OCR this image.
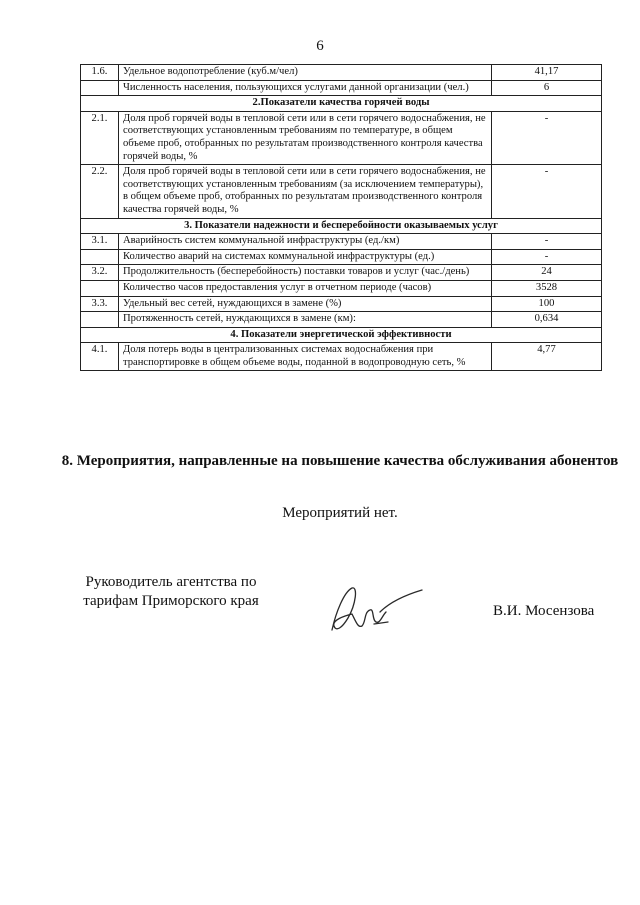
6
1.6.	Удельное водопотребление (куб.м/чел)	41,17
	Численность населения, пользующихся услугами данной организации (чел.)	6
2.Показатели качества горячей воды		
2.1.	Доля проб горячей воды в тепловой сети или в сети горячего водоснабжения, не соответствующих установленным требованиям по температуре, в общем объеме проб, отобранных по результатам производственного контроля качества горячей воды, %	-
2.2.	Доля проб горячей воды в тепловой сети или в сети горячего водоснабжения, не соответствующих установленным требованиям (за исключением температуры), в общем объеме проб, отобранных по результатам производственного контроля качества горячей воды, %	-
3. Показатели надежности и бесперебойности оказываемых услуг		
3.1.	Аварийность систем коммунальной инфраструктуры (ед./км)	-
	Количество аварий на системах коммунальной инфраструктуры (ед.)	-
3.2.	Продолжительность (бесперебойность) поставки товаров и услуг (час./день)	24
	Количество часов предоставления услуг в отчетном периоде (часов)	3528
3.3.	Удельный вес сетей, нуждающихся в замене (%)	100
	Протяженность сетей, нуждающихся в замене (км):	0,634
4. Показатели энергетической эффективности		
4.1.	Доля потерь воды в централизованных системах водоснабжения при транспортировке в общем объеме воды, поданной в водопроводную сеть, %	4,77
8. Мероприятия, направленные на повышение качества обслуживания абонентов
Мероприятий нет.
Руководитель агентства по тарифам Приморского края
В.И. Мосензова
